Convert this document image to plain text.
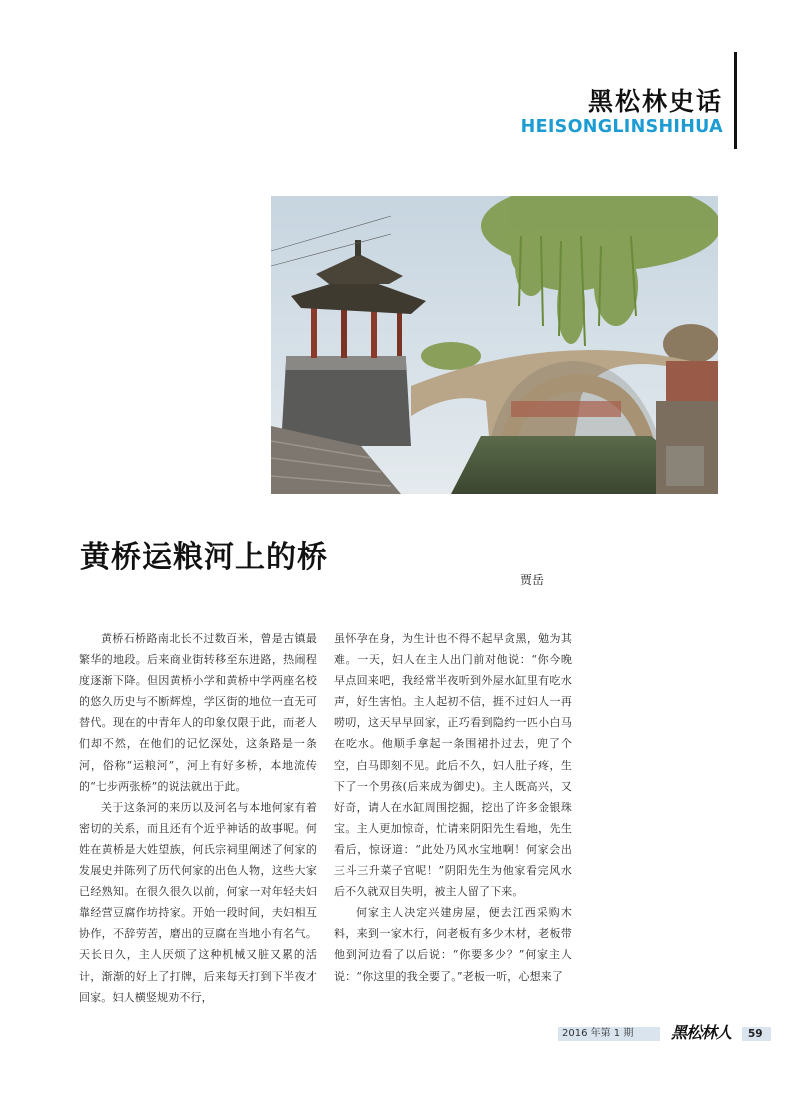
黑松林史话
HEISONGLINSHIHUA
黄桥运粮河上的桥
贾岳

黄桥石桥路南北长不过数百米，曾是古镇最繁华的地段。后来商业街转移至东进路，热闹程度逐渐下降。但因黄桥小学和黄桥中学两座名校的悠久历史与不断辉煌，学区街的地位一直无可替代。现在的中青年人的印象仅限于此，而老人们却不然，在他们的记忆深处，这条路是一条河，俗称“运粮河”，河上有好多桥，本地流传的“七步两张桥”的说法就出于此。

关于这条河的来历以及河名与本地何家有着密切的关系，而且还有个近乎神话的故事呢。何姓在黄桥是大姓望族，何氏宗祠里阐述了何家的发展史并陈列了历代何家的出色人物，这些大家已经熟知。在很久很久以前，何家一对年轻夫妇靠经营豆腐作坊持家。开始一段时间，夫妇相互协作，不辞劳苦，磨出的豆腐在当地小有名气。天长日久，主人厌烦了这种机械又脏又累的活计，渐渐的好上了打牌，后来每天打到下半夜才回家。妇人横竖规劝不行，

虽怀孕在身，为生计也不得不起早贪黑，勉为其难。一天，妇人在主人出门前对他说：“你今晚早点回来吧，我经常半夜听到外屋水缸里有吃水声，好生害怕。主人起初不信，捱不过妇人一再唠叨，这天早早回家，正巧看到隐约一匹小白马在吃水。他顺手拿起一条围裙扑过去，兜了个空，白马即刻不见。此后不久，妇人肚子疼，生下了一个男孩(后来成为御史)。主人既高兴，又好奇，请人在水缸周围挖掘，挖出了许多金银珠宝。主人更加惊奇，忙请来阴阳先生看地，先生看后，惊讶道：“此处乃风水宝地啊！何家会出三斗三升菜子官呢！”阴阳先生为他家看完风水后不久就双目失明，被主人留了下来。

何家主人决定兴建房屋，便去江西采购木料，来到一家木行，问老板有多少木材，老板带他到河边看了以后说：“你要多少？”何家主人说：“你这里的我全要了。”老板一听，心想来了

2016 年第 1 期	黑松林人	59
